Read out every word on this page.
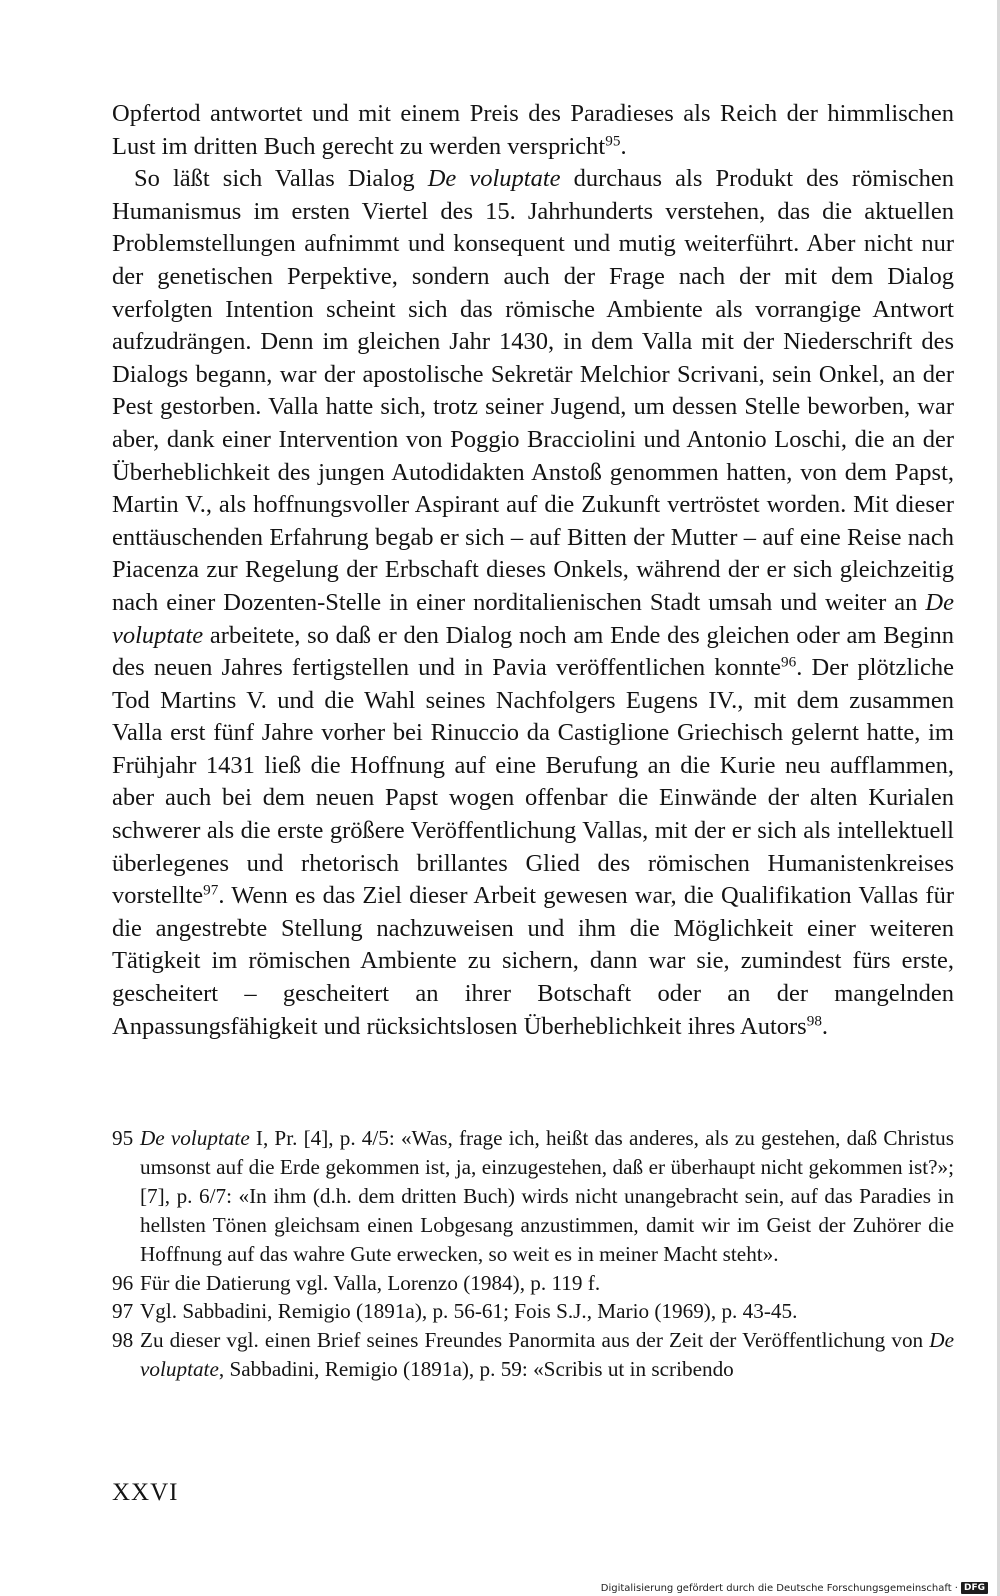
Opfertod antwortet und mit einem Preis des Paradieses als Reich der himmlischen Lust im dritten Buch gerecht zu werden verspricht$^{95}$.

So läßt sich Vallas Dialog De voluptate durchaus als Produkt des römischen Humanismus im ersten Viertel des 15. Jahrhunderts verstehen, das die aktuellen Problemstellungen aufnimmt und konsequent und mutig weiterführt. Aber nicht nur der genetischen Perpektive, sondern auch der Frage nach der mit dem Dialog verfolgten Intention scheint sich das römische Ambiente als vorrangige Antwort aufzudrängen. Denn im gleichen Jahr 1430, in dem Valla mit der Niederschrift des Dialogs begann, war der apostolische Sekretär Melchior Scrivani, sein Onkel, an der Pest gestorben. Valla hatte sich, trotz seiner Jugend, um dessen Stelle beworben, war aber, dank einer Intervention von Poggio Bracciolini und Antonio Loschi, die an der Überheblichkeit des jungen Autodidakten Anstoß genommen hatten, von dem Papst, Martin V., als hoffnungsvoller Aspirant auf die Zukunft vertröstet worden. Mit dieser enttäuschenden Erfahrung begab er sich – auf Bitten der Mutter – auf eine Reise nach Piacenza zur Regelung der Erbschaft dieses Onkels, während der er sich gleichzeitig nach einer Dozenten-Stelle in einer norditalienischen Stadt umsah und weiter an De voluptate arbeitete, so daß er den Dialog noch am Ende des gleichen oder am Beginn des neuen Jahres fertigstellen und in Pavia veröffentlichen konnte$^{96}$. Der plötzliche Tod Martins V. und die Wahl seines Nachfolgers Eugens IV., mit dem zusammen Valla erst fünf Jahre vorher bei Rinuccio da Castiglione Griechisch gelernt hatte, im Frühjahr 1431 ließ die Hoffnung auf eine Berufung an die Kurie neu aufflammen, aber auch bei dem neuen Papst wogen offenbar die Einwände der alten Kurialen schwerer als die erste größere Veröffentlichung Vallas, mit der er sich als intellektuell überlegenes und rhetorisch brillantes Glied des römischen Humanistenkreises vorstellte$^{97}$. Wenn es das Ziel dieser Arbeit gewesen war, die Qualifikation Vallas für die angestrebte Stellung nachzuweisen und ihm die Möglichkeit einer weiteren Tätigkeit im römischen Ambiente zu sichern, dann war sie, zumindest fürs erste, gescheitert – gescheitert an ihrer Botschaft oder an der mangelnden Anpassungsfähigkeit und rücksichtslosen Überheblichkeit ihres Autors$^{98}$.

95 De voluptate I, Pr. [4], p. 4/5: «Was, frage ich, heißt das anderes, als zu gestehen, daß Christus umsonst auf die Erde gekommen ist, ja, einzugestehen, daß er überhaupt nicht gekommen ist?»; [7], p. 6/7: «In ihm (d.h. dem dritten Buch) wirds nicht unangebracht sein, auf das Paradies in hellsten Tönen gleichsam einen Lobgesang anzustimmen, damit wir im Geist der Zuhörer die Hoffnung auf das wahre Gute erwecken, so weit es in meiner Macht steht».
96 Für die Datierung vgl. Valla, Lorenzo (1984), p. 119 f.
97 Vgl. Sabbadini, Remigio (1891a), p. 56-61; Fois S.J., Mario (1969), p. 43-45.
98 Zu dieser vgl. einen Brief seines Freundes Panormita aus der Zeit der Veröffentlichung von De voluptate, Sabbadini, Remigio (1891a), p. 59: «Scribis ut in scribendo
XXVI
Digitalisierung gefördert durch die Deutsche Forschungsgemeinschaft · DFG
